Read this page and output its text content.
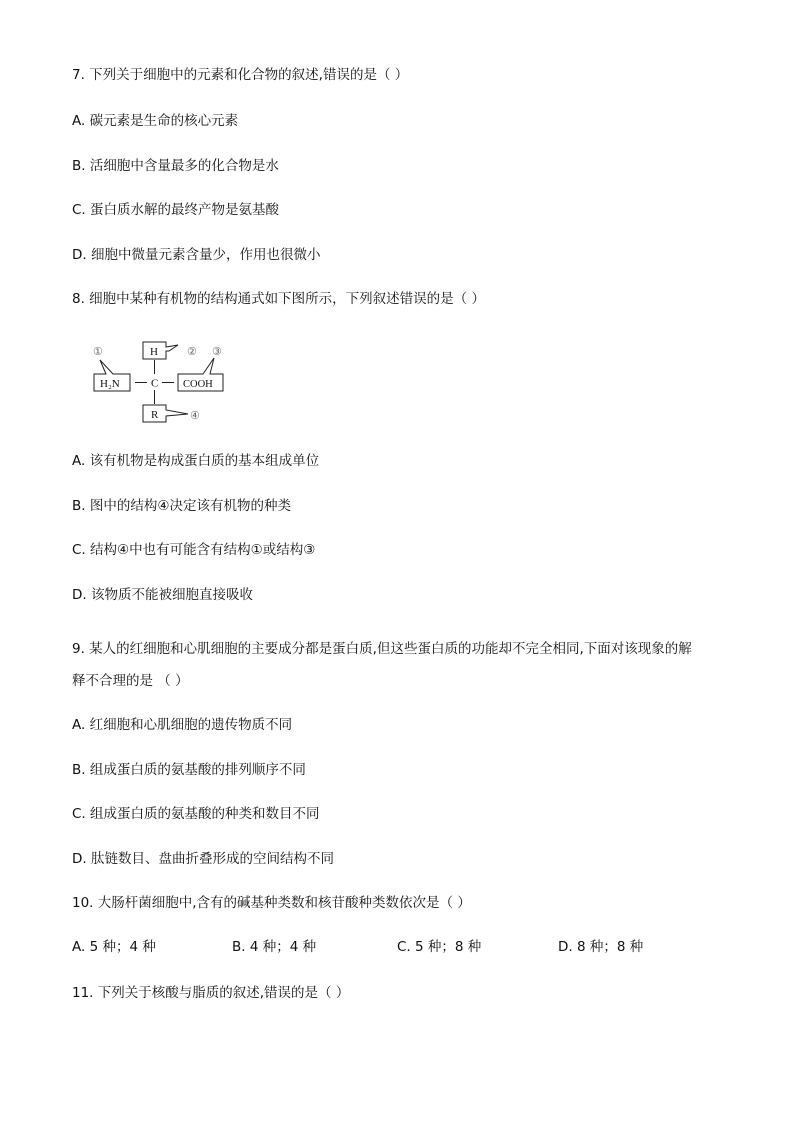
7. 下列关于细胞中的元素和化合物的叙述,错误的是（ ）
A. 碳元素是生命的核心元素
B. 活细胞中含量最多的化合物是水
C. 蛋白质水解的最终产物是氨基酸
D. 细胞中微量元素含量少，作用也很微小
8. 细胞中某种有机物的结构通式如下图所示，下列叙述错误的是（ ）
H
H₂N	COOH
R
C
①	② ③
④
A. 该有机物是构成蛋白质的基本组成单位
B. 图中的结构④决定该有机物的种类
C. 结构④中也有可能含有结构①或结构③
D. 该物质不能被细胞直接吸收
9. 某人的红细胞和心肌细胞的主要成分都是蛋白质,但这些蛋白质的功能却不完全相同,下面对该现象的解
释不合理的是 （ ）
A. 红细胞和心肌细胞的遗传物质不同
B. 组成蛋白质的氨基酸的排列顺序不同
C. 组成蛋白质的氨基酸的种类和数目不同
D. 肽链数目、盘曲折叠形成的空间结构不同
10. 大肠杆菌细胞中,含有的碱基种类数和核苷酸种类数依次是（ ）
A. 5 种；4 种	B. 4 种；4 种	C. 5 种；8 种	D. 8 种；8 种
11. 下列关于核酸与脂质的叙述,错误的是（ ）
